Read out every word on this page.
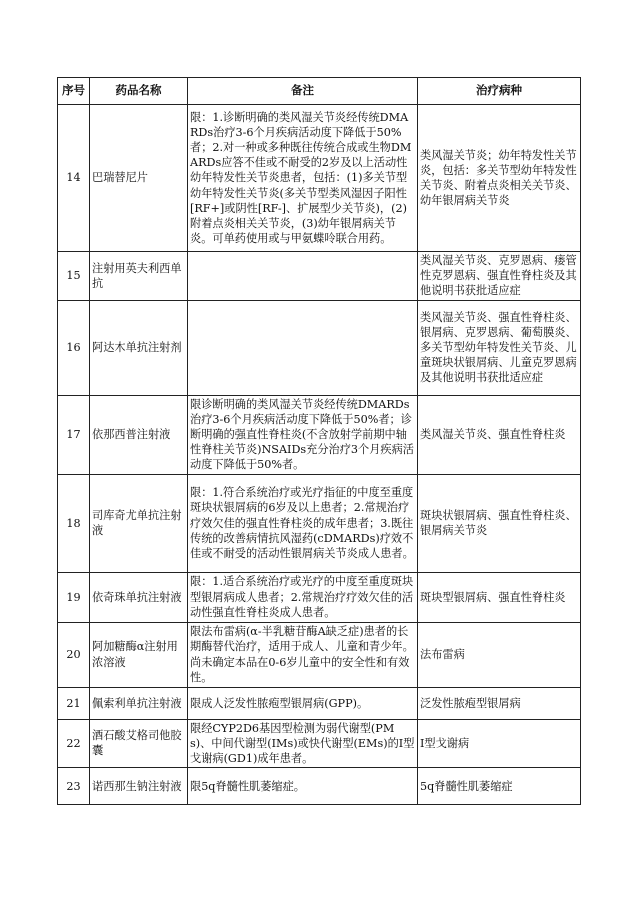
序号	药品名称	备注	治疗病种
14	巴瑞替尼片	限：1.诊断明确的类风湿关节炎经传统DMARDs治疗3-6个月疾病活动度下降低于50%者；2.对一种或多种既往传统合成或生物DMARDs应答不佳或不耐受的2岁及以上活动性幼年特发性关节炎患者，包括：(1)多关节型幼年特发性关节炎(多关节型类风湿因子阳性[RF+]或阴性[RF-]、扩展型少关节炎)，(2)附着点炎相关关节炎，(3)幼年银屑病关节炎。可单药使用或与甲氨蝶呤联合用药。	类风湿关节炎；幼年特发性关节炎，包括：多关节型幼年特发性关节炎、附着点炎相关关节炎、幼年银屑病关节炎
15	注射用英夫利西单抗		类风湿关节炎、克罗恩病、瘘管性克罗恩病、强直性脊柱炎及其他说明书获批适应症
16	阿达木单抗注射剂		类风湿关节炎、强直性脊柱炎、银屑病、克罗恩病、葡萄膜炎、多关节型幼年特发性关节炎、儿童斑块状银屑病、儿童克罗恩病及其他说明书获批适应症
17	依那西普注射液	限诊断明确的类风湿关节炎经传统DMARDs治疗3-6个月疾病活动度下降低于50%者；诊断明确的强直性脊柱炎(不含放射学前期中轴性脊柱关节炎)NSAIDs充分治疗3个月疾病活动度下降低于50%者。	类风湿关节炎、强直性脊柱炎
18	司库奇尤单抗注射液	限：1.符合系统治疗或光疗指征的中度至重度斑块状银屑病的6岁及以上患者；2.常规治疗疗效欠佳的强直性脊柱炎的成年患者；3.既往传统的改善病情抗风湿药(cDMARDs)疗效不佳或不耐受的活动性银屑病关节炎成人患者。	斑块状银屑病、强直性脊柱炎、银屑病关节炎
19	依奇珠单抗注射液	限：1.适合系统治疗或光疗的中度至重度斑块型银屑病成人患者；2.常规治疗疗效欠佳的活动性强直性脊柱炎成人患者。	斑块型银屑病、强直性脊柱炎
20	阿加糖酶α注射用浓溶液	限法布雷病(α-半乳糖苷酶A缺乏症)患者的长期酶替代治疗，适用于成人、儿童和青少年。尚未确定本品在0-6岁儿童中的安全性和有效性。	法布雷病
21	佩索利单抗注射液	限成人泛发性脓疱型银屑病(GPP)。	泛发性脓疱型银屑病
22	酒石酸艾格司他胶囊	限经CYP2D6基因型检测为弱代谢型(PMs)、中间代谢型(IMs)或快代谢型(EMs)的Ⅰ型戈谢病(GD1)成年患者。	Ⅰ型戈谢病
23	诺西那生钠注射液	限5q脊髓性肌萎缩症。	5q脊髓性肌萎缩症
